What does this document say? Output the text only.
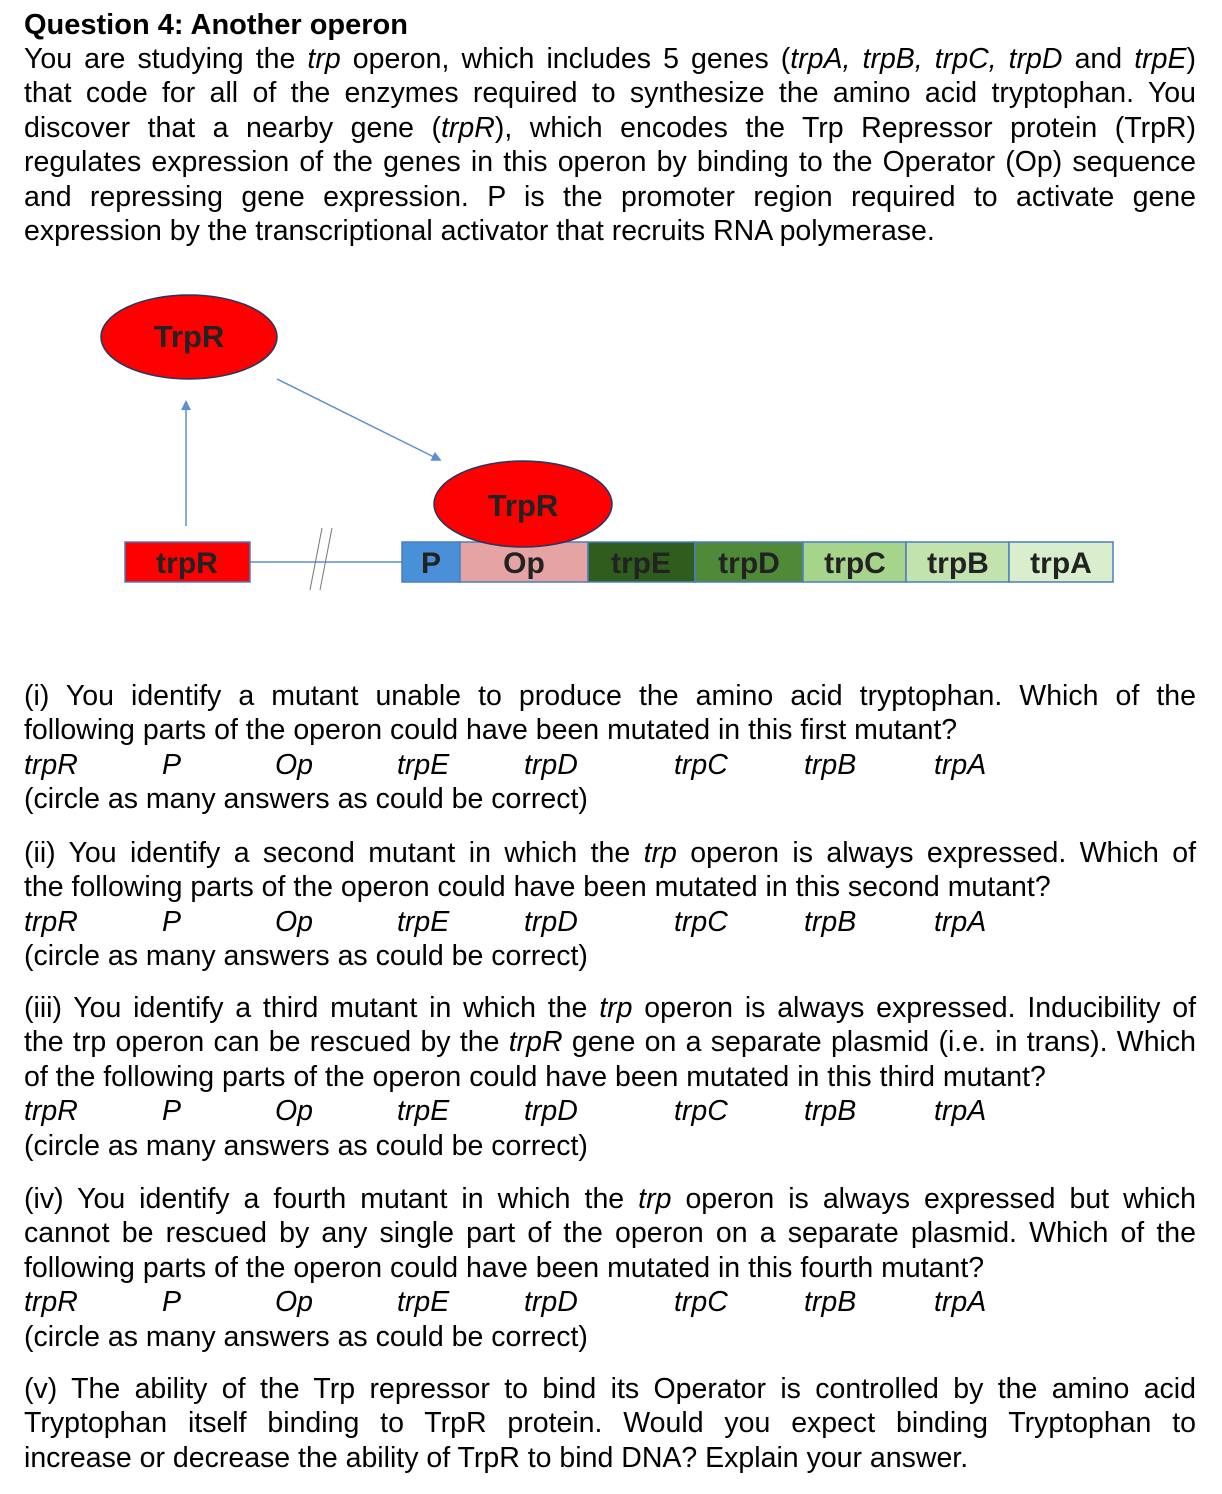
Question 4: Another operon
You are studying the trp operon, which includes 5 genes (trpA, trpB, trpC, trpD and trpE)
that code for all of the enzymes required to synthesize the amino acid tryptophan. You
discover that a nearby gene (trpR), which encodes the Trp Repressor protein (TrpR)
regulates expression of the genes in this operon by binding to the Operator (Op) sequence
and repressing gene expression. P is the promoter region required to activate gene
expression by the transcriptional activator that recruits RNA polymerase.
TrpR
trpR	P Op trpE trpD trpC trpB trpA
TrpR
(i) You identify a mutant unable to produce the amino acid tryptophan. Which of the
following parts of the operon could have been mutated in this first mutant?
trpR	P	Op	trpE	trpD	trpC	trpB	trpA
(circle as many answers as could be correct)
(ii) You identify a second mutant in which the trp operon is always expressed. Which of
the following parts of the operon could have been mutated in this second mutant?
trpR	P	Op	trpE	trpD	trpC	trpB	trpA
(circle as many answers as could be correct)
(iii) You identify a third mutant in which the trp operon is always expressed. Inducibility of
the trp operon can be rescued by the trpR gene on a separate plasmid (i.e. in trans). Which
of the following parts of the operon could have been mutated in this third mutant?
trpR	P	Op	trpE	trpD	trpC	trpB	trpA
(circle as many answers as could be correct)
(iv) You identify a fourth mutant in which the trp operon is always expressed but which
cannot be rescued by any single part of the operon on a separate plasmid. Which of the
following parts of the operon could have been mutated in this fourth mutant?
trpR	P	Op	trpE	trpD	trpC	trpB	trpA
(circle as many answers as could be correct)
(v) The ability of the Trp repressor to bind its Operator is controlled by the amino acid
Tryptophan itself binding to TrpR protein. Would you expect binding Tryptophan to
increase or decrease the ability of TrpR to bind DNA? Explain your answer.
